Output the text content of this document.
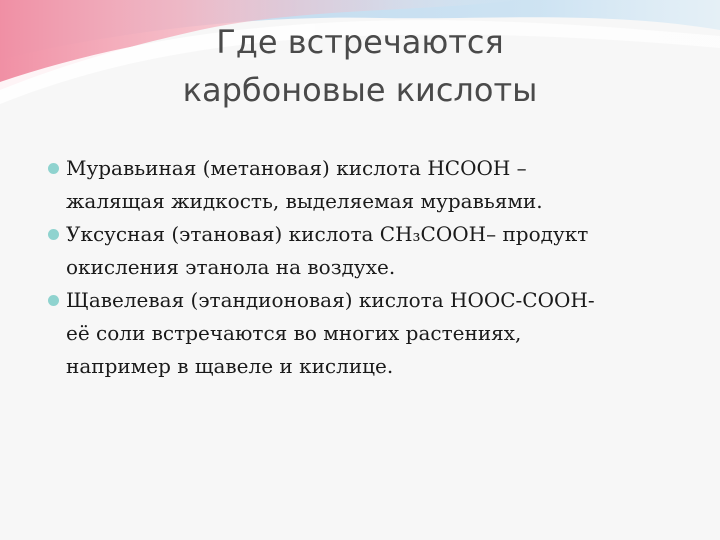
Где встречаются
карбоновые кислоты
Муравьиная (метановая) кислота НСООН –
жалящая жидкость, выделяемая муравьями.
Уксусная (этановая) кислота СН₃СООН– продукт
окисления этанола на воздухе.
Щавелевая (этандионовая) кислота НООС-СООН-
её соли встречаются во многих растениях,
например в щавеле и кислице.
